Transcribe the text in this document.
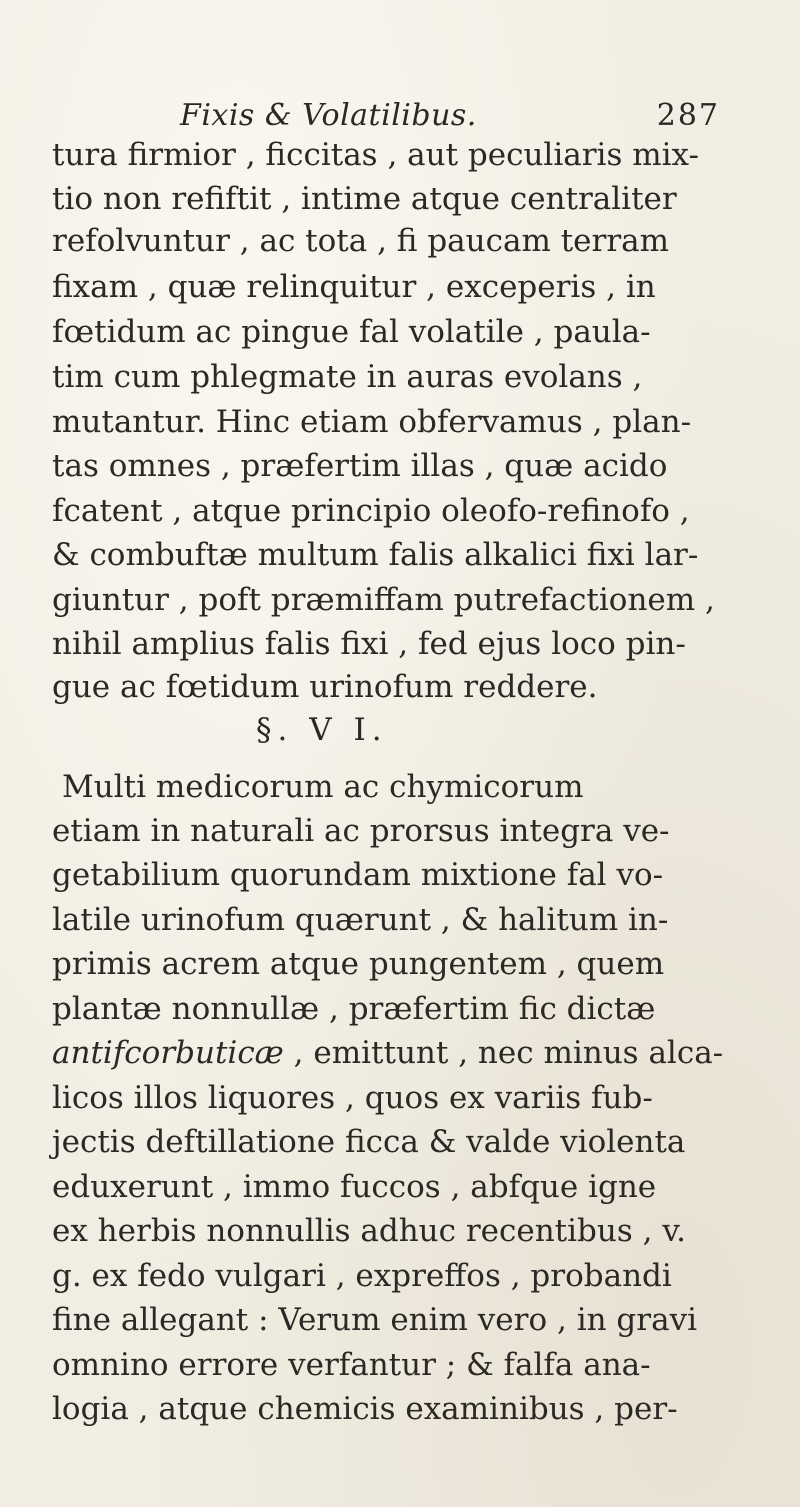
Fixis & Volatilibus.	287
tura firmior , ficcitas , aut peculiaris mix-
tio non refiftit , intime atque centraliter
refolvuntur , ac tota , fi paucam terram
fixam , quæ relinquitur , exceperis , in
fœtidum ac pingue fal volatile , paula-
tim cum phlegmate in auras evolans ,
mutantur. Hinc etiam obfervamus , plan-
tas omnes , præfertim illas , quæ acido
fcatent , atque principio oleofo-refinofo ,
& combuftæ multum falis alkalici fixi lar-
giuntur , poft præmiffam putrefactionem ,
nihil amplius falis fixi , fed ejus loco pin-
gue ac fœtidum urinofum reddere.
§. V I.
Multi medicorum ac chymicorum
etiam in naturali ac prorsus integra ve-
getabilium quorundam mixtione fal vo-
latile urinofum quærunt , & halitum in-
primis acrem atque pungentem , quem
plantæ nonnullæ , præfertim fic dictæ
antifcorbuticæ , emittunt , nec minus alca-
licos illos liquores , quos ex variis fub-
jectis deftillatione ficca & valde violenta
eduxerunt , immo fuccos , abfque igne
ex herbis nonnullis adhuc recentibus , v.
g. ex fedo vulgari , expreffos , probandi
fine allegant : Verum enim vero , in gravi
omnino errore verfantur ; & falfa ana-
logia , atque chemicis examinibus , per-
